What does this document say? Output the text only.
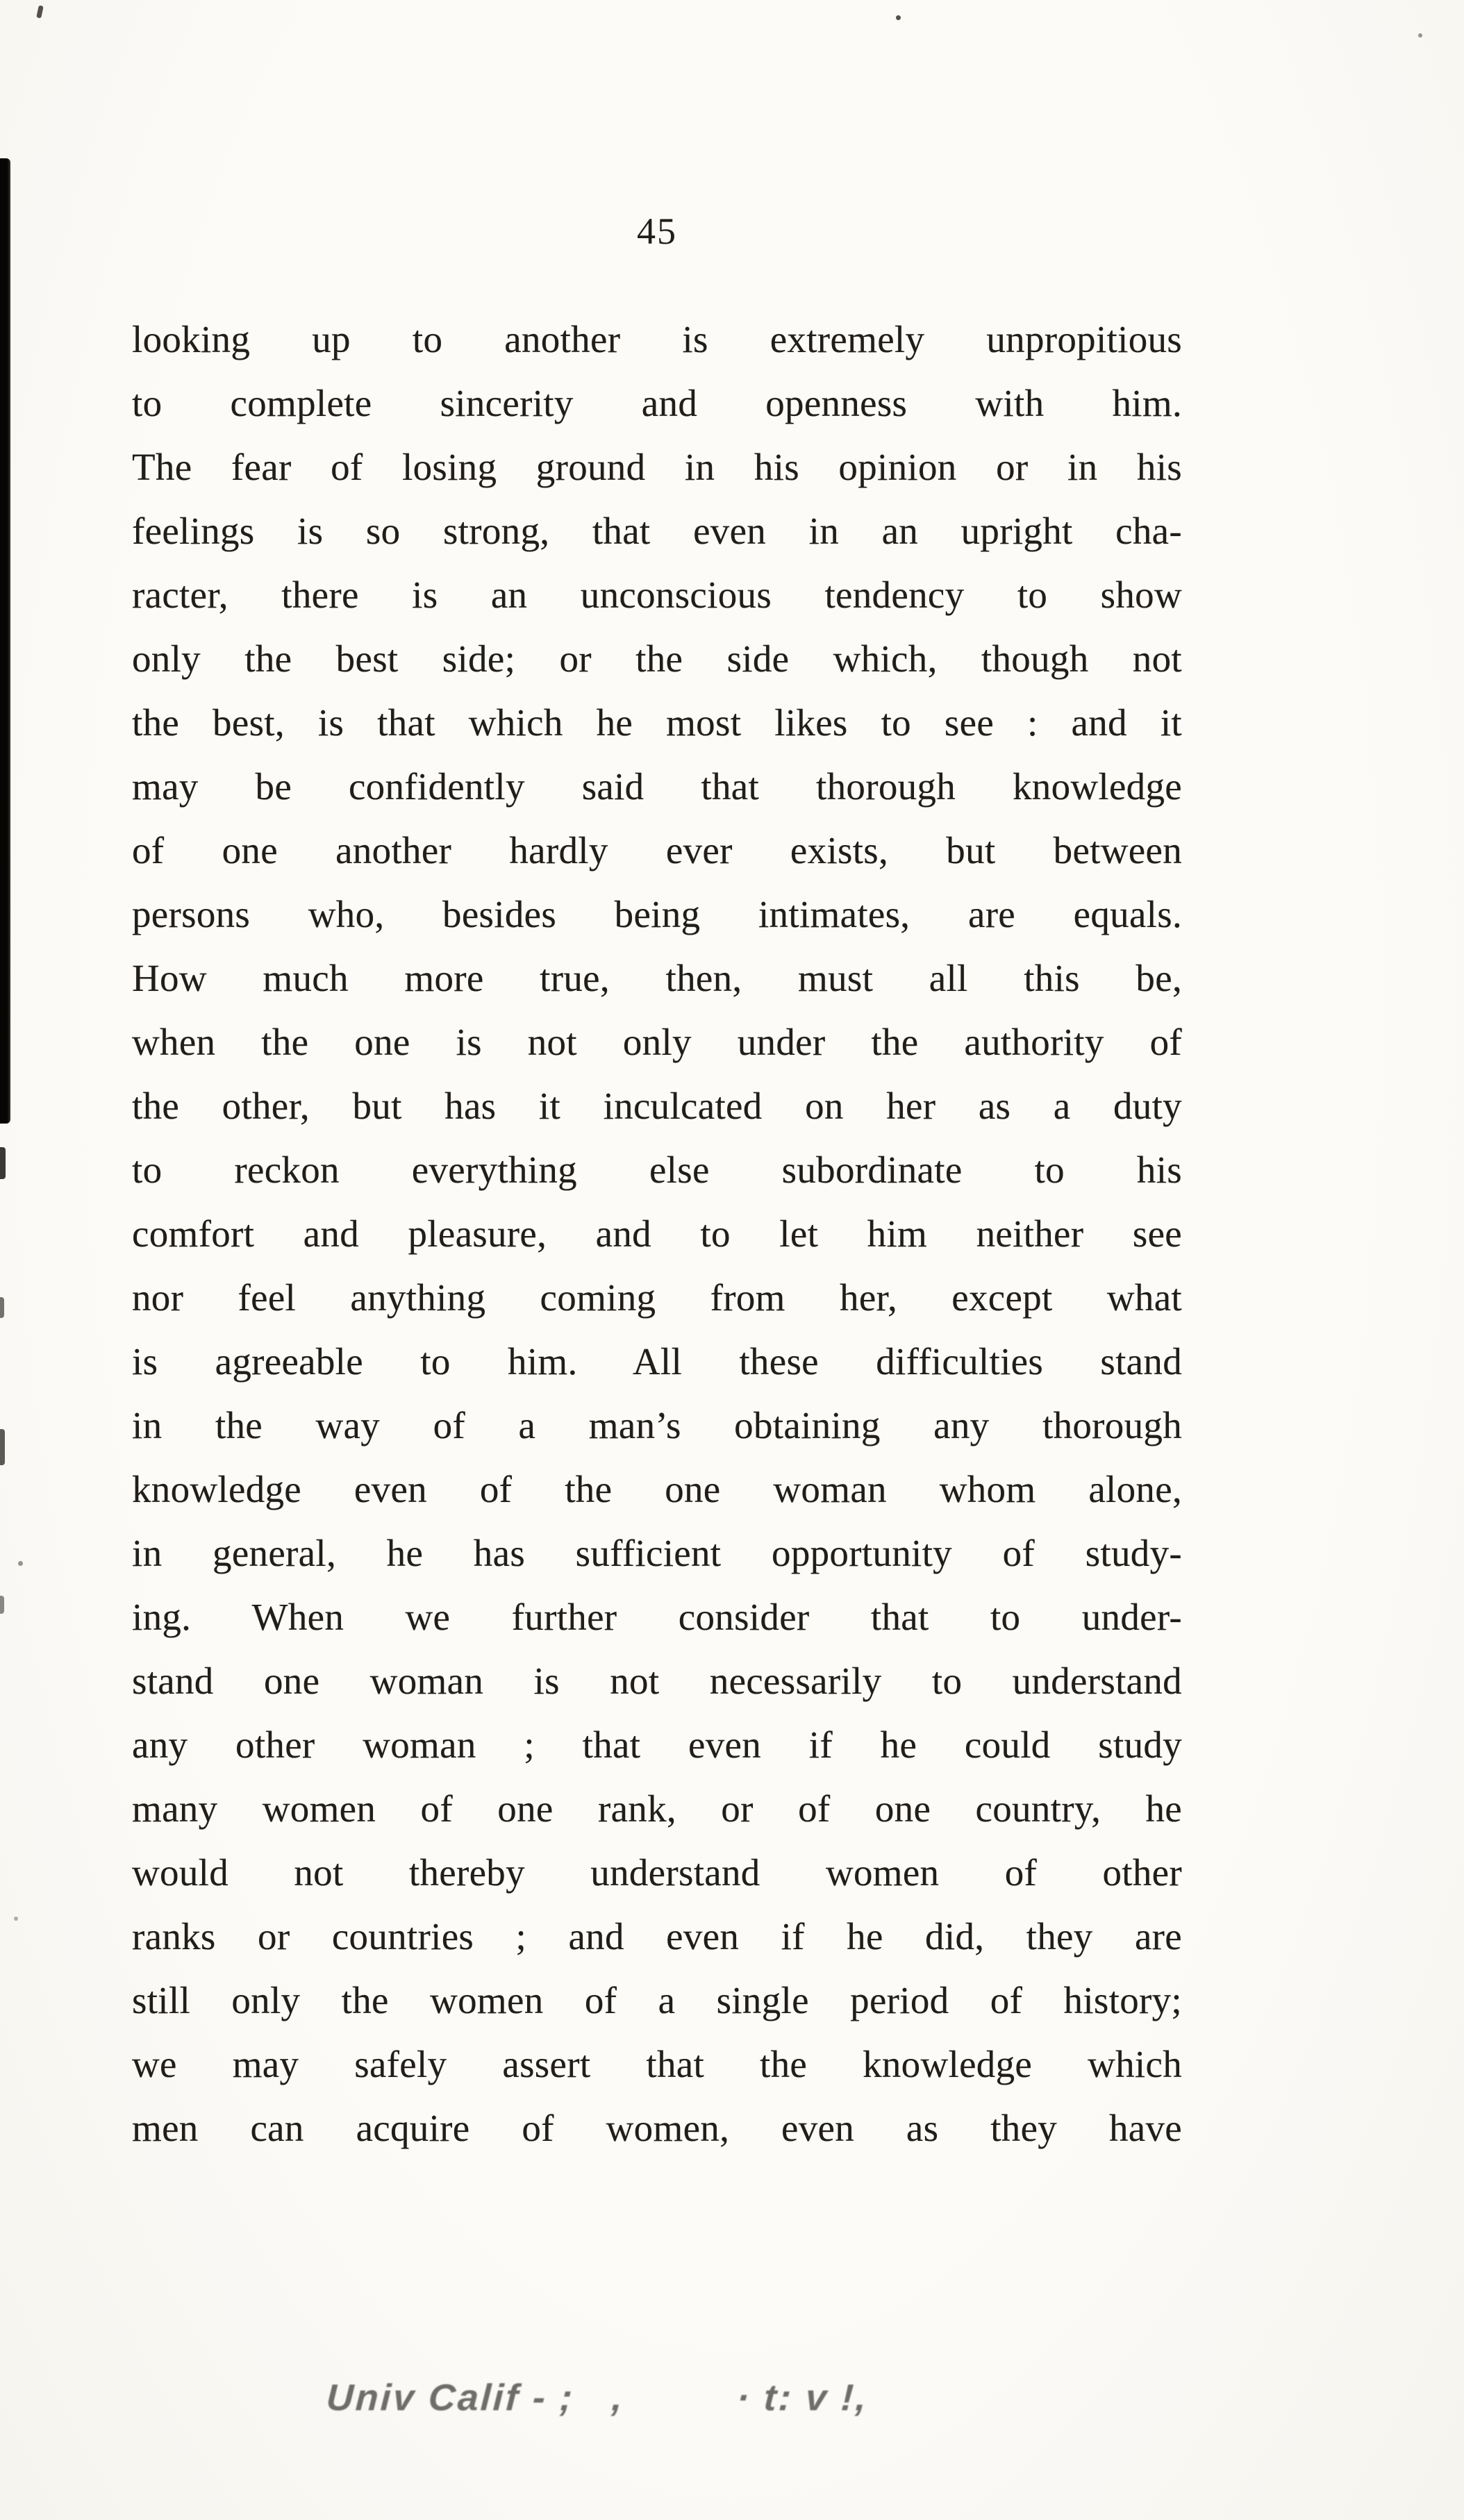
45
looking up to another is extremely unpropitious
to complete sincerity and openness with him.
The fear of losing ground in his opinion or in his
feelings is so strong, that even in an upright cha-
racter, there is an unconscious tendency to show
only the best side; or the side which, though not
the best, is that which he most likes to see : and it
may be confidently said that thorough knowledge
of one another hardly ever exists, but between
persons who, besides being intimates, are equals.
How much more true, then, must all this be,
when the one is not only under the authority of
the other, but has it inculcated on her as a duty
to reckon everything else subordinate to his
comfort and pleasure, and to let him neither see
nor feel anything coming from her, except what
is agreeable to him. All these difficulties stand
in the way of a man’s obtaining any thorough
knowledge even of the one woman whom alone,
in general, he has sufficient opportunity of study-
ing. When we further consider that to under-
stand one woman is not necessarily to understand
any other woman ; that even if he could study
many women of one rank, or of one country, he
would not thereby understand women of other
ranks or countries ; and even if he did, they are
still only the women of a single period of history;
we may safely assert that the knowledge which
men can acquire of women, even as they have
Univ Calif - ;   ,         · t: v !,
